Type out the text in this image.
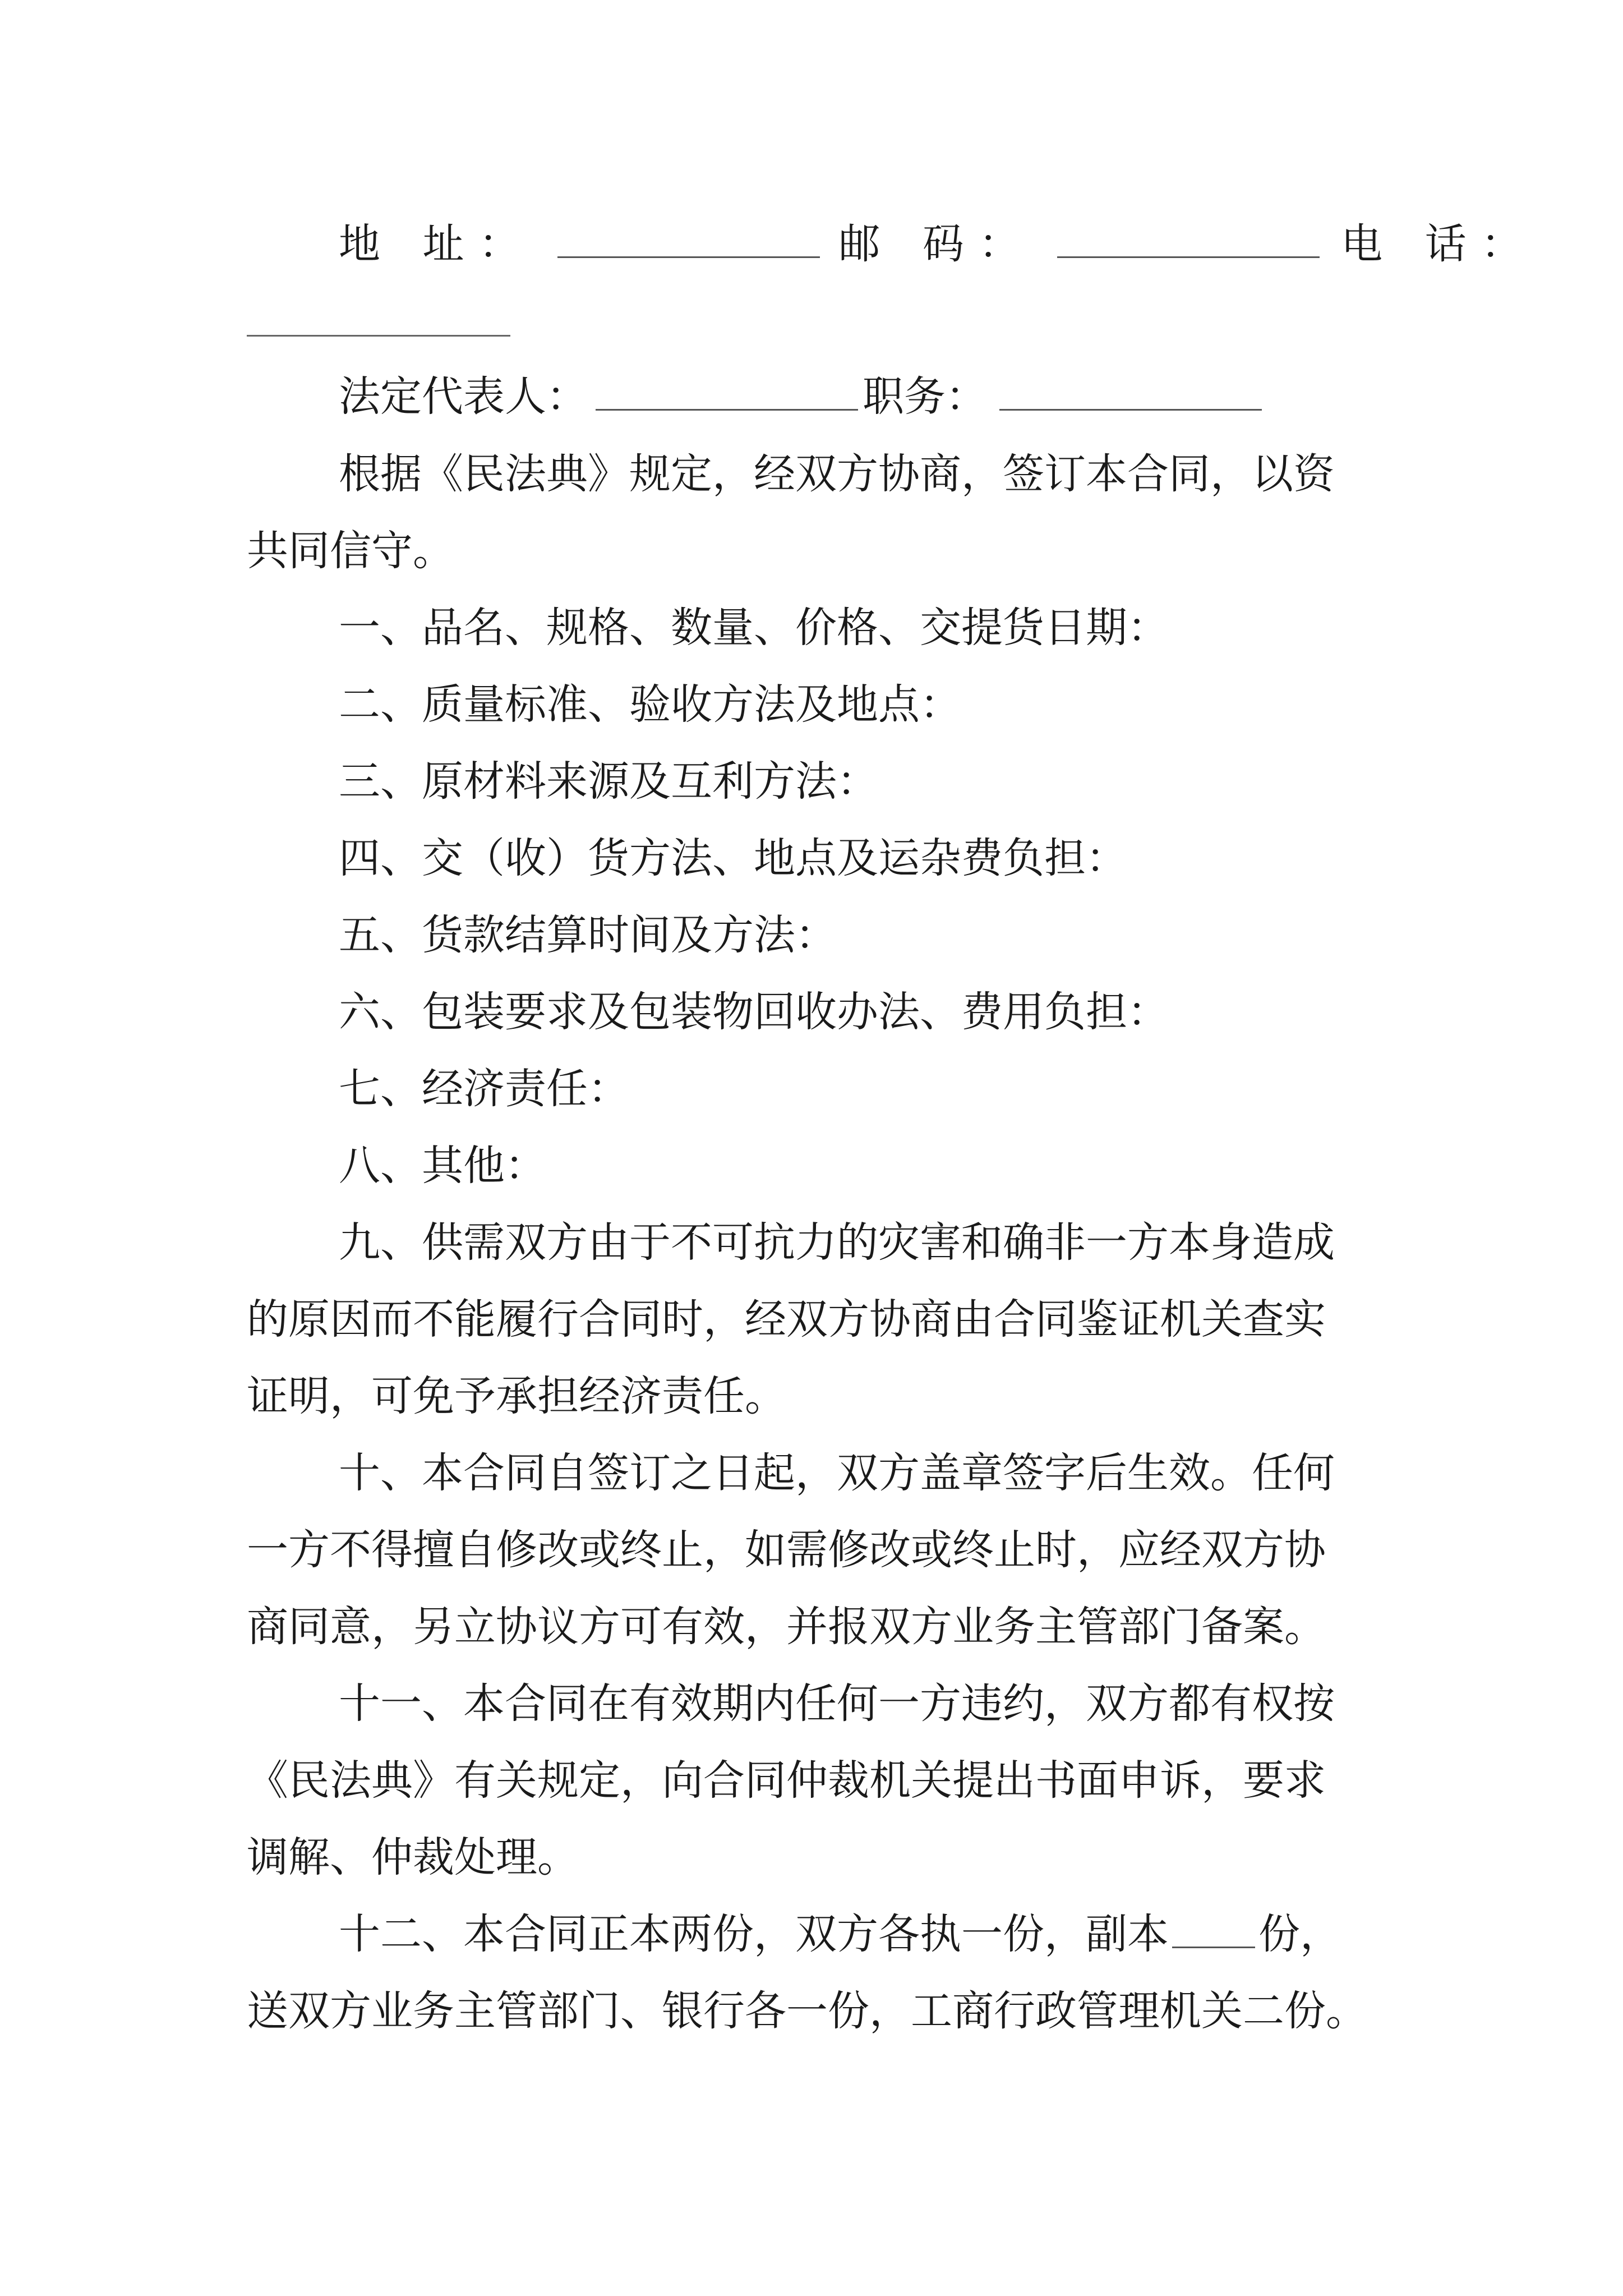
地 址：	邮 码：	电 话：
法定代表人：	职务：
根据《民法典》规定，经双方协商，签订本合同，以资
共同信守。
一、品名、规格、数量、价格、交提货日期：
二、质量标准、验收方法及地点：
三、原材料来源及互利方法：
四、交（收）货方法、地点及运杂费负担：
五、货款结算时间及方法：
六、包装要求及包装物回收办法、费用负担：
七、经济责任：
八、其他：
九、供需双方由于不可抗力的灾害和确非一方本身造成
的原因而不能履行合同时，经双方协商由合同鉴证机关查实
证明，可免予承担经济责任。
十、本合同自签订之日起，双方盖章签字后生效。任何
一方不得擅自修改或终止，如需修改或终止时，应经双方协
商同意，另立协议方可有效，并报双方业务主管部门备案。
十一、本合同在有效期内任何一方违约，双方都有权按
《民法典》有关规定，向合同仲裁机关提出书面申诉，要求
调解、仲裁处理。
十二、本合同正本两份，双方各执一份，副本 份，
送双方业务主管部门、银行各一份，工商行政管理机关二份。
